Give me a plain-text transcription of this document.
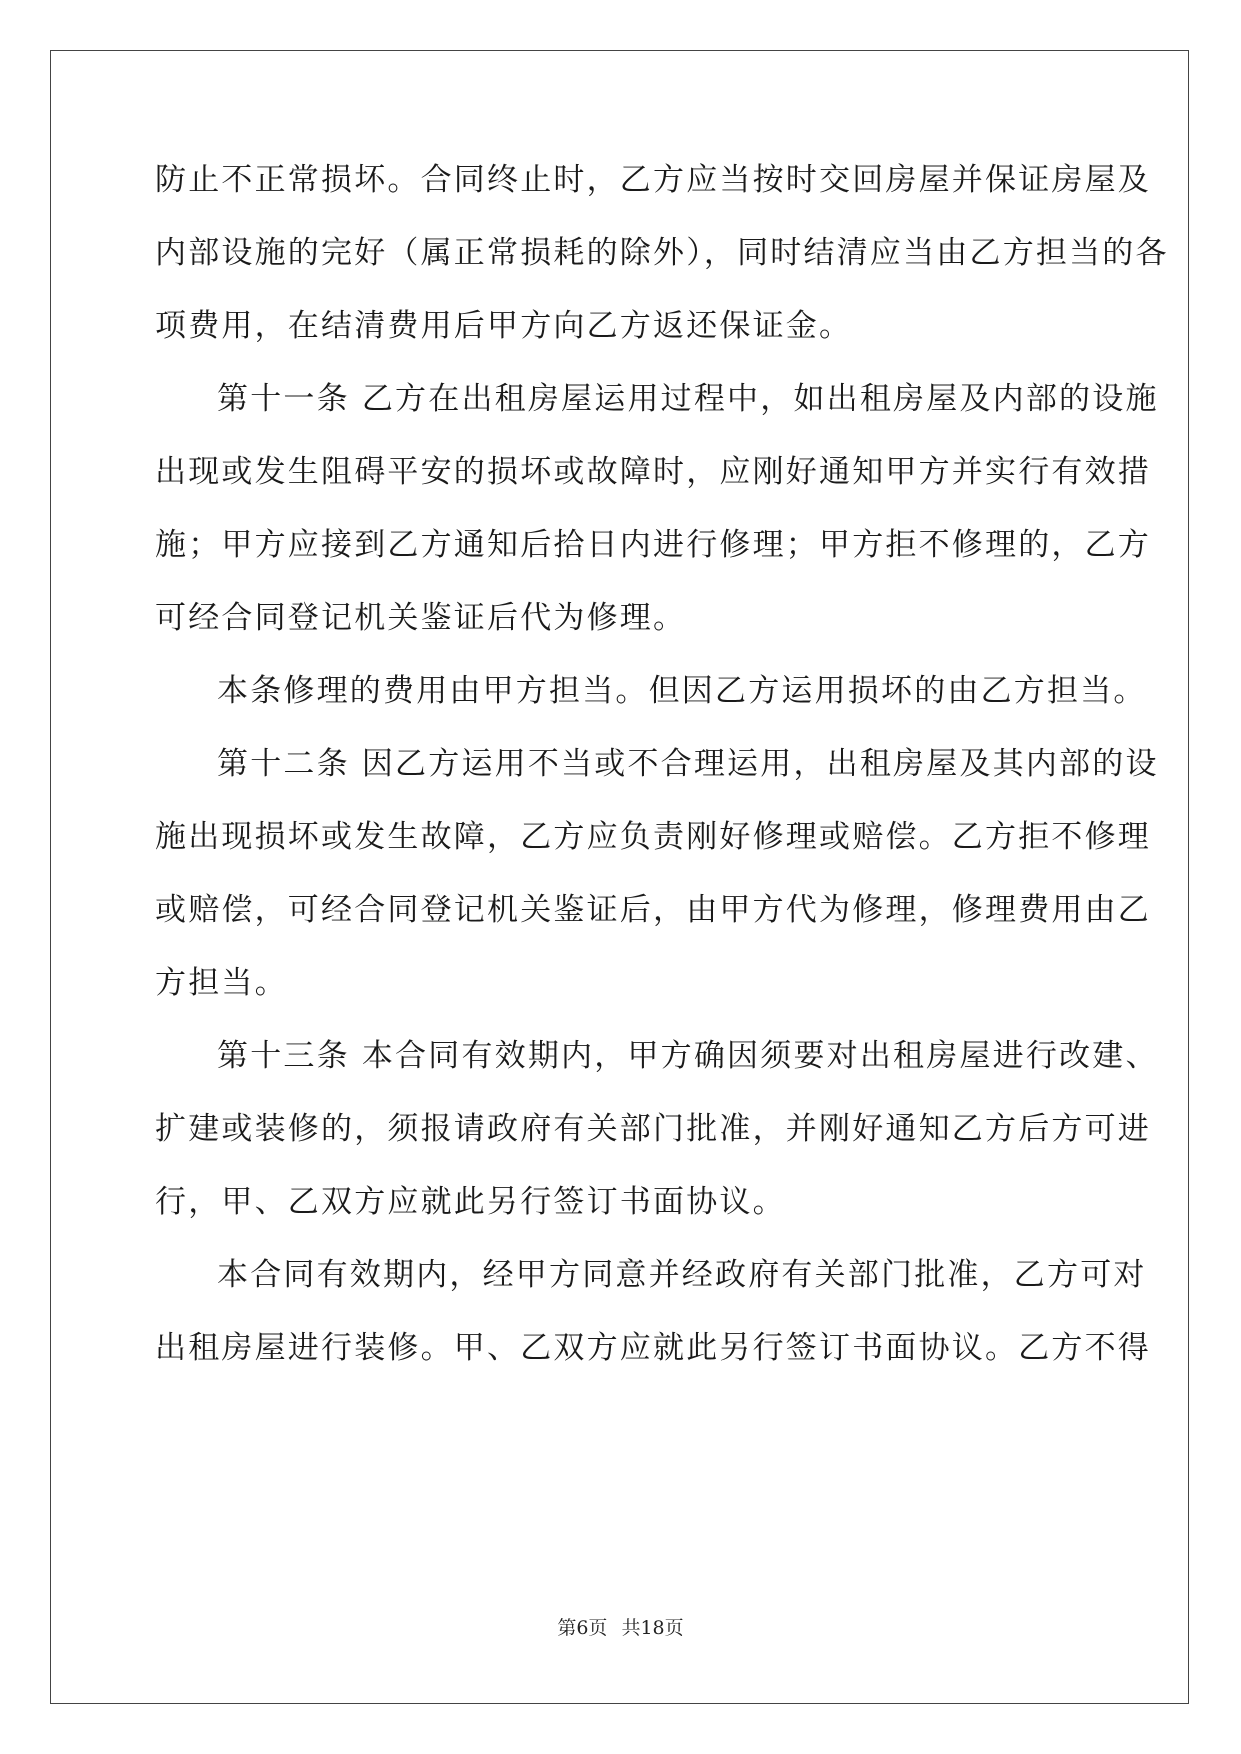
防止不正常损坏。合同终止时，乙方应当按时交回房屋并保证房屋及
内部设施的完好（属正常损耗的除外），同时结清应当由乙方担当的各
项费用，在结清费用后甲方向乙方返还保证金。
第十一条 乙方在出租房屋运用过程中，如出租房屋及内部的设施
出现或发生阻碍平安的损坏或故障时，应刚好通知甲方并实行有效措
施；甲方应接到乙方通知后拾日内进行修理；甲方拒不修理的，乙方
可经合同登记机关鉴证后代为修理。
本条修理的费用由甲方担当。但因乙方运用损坏的由乙方担当。
第十二条 因乙方运用不当或不合理运用，出租房屋及其内部的设
施出现损坏或发生故障，乙方应负责刚好修理或赔偿。乙方拒不修理
或赔偿，可经合同登记机关鉴证后，由甲方代为修理，修理费用由乙
方担当。
第十三条 本合同有效期内，甲方确因须要对出租房屋进行改建、
扩建或装修的，须报请政府有关部门批准，并刚好通知乙方后方可进
行，甲、乙双方应就此另行签订书面协议。
本合同有效期内，经甲方同意并经政府有关部门批准，乙方可对
出租房屋进行装修。甲、乙双方应就此另行签订书面协议。乙方不得
第6页 共18页
